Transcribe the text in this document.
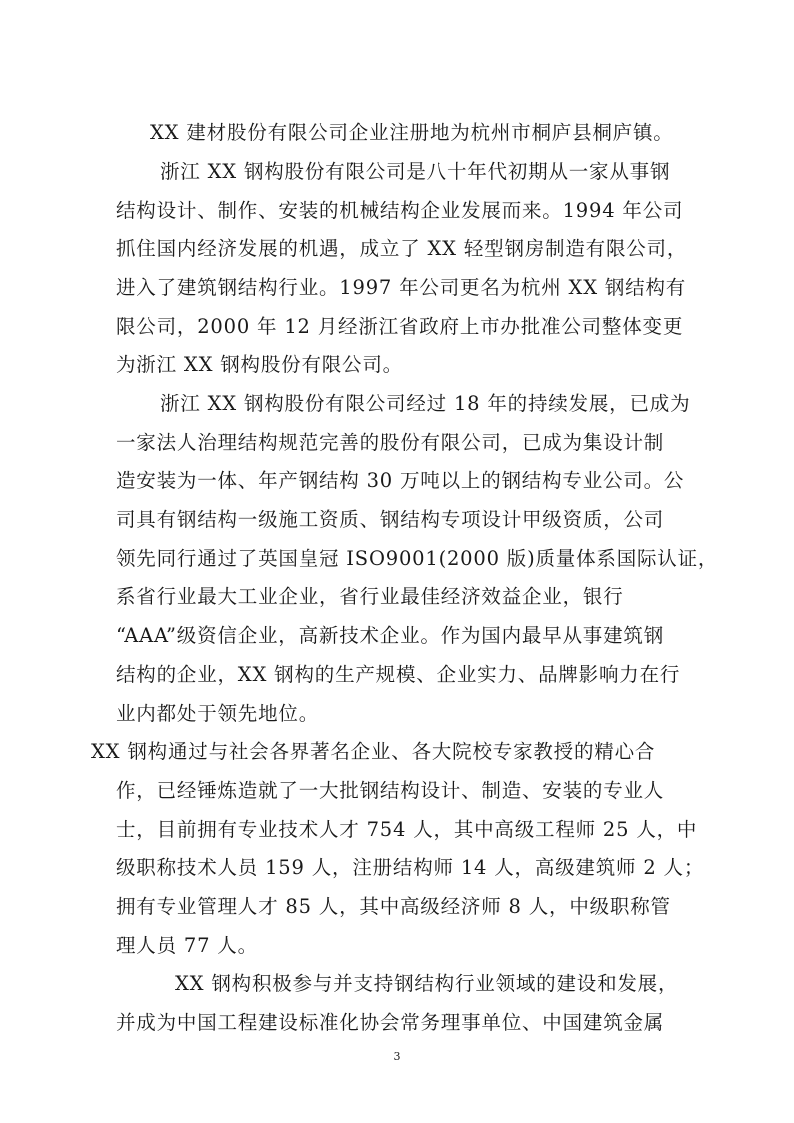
XX 建材股份有限公司企业注册地为杭州市桐庐县桐庐镇。
浙江 XX 钢构股份有限公司是八十年代初期从一家从事钢
结构设计、制作、安装的机械结构企业发展而来。1994 年公司
抓住国内经济发展的机遇，成立了 XX 轻型钢房制造有限公司，
进入了建筑钢结构行业。1997 年公司更名为杭州 XX 钢结构有
限公司，2000 年 12 月经浙江省政府上市办批准公司整体变更
为浙江 XX 钢构股份有限公司。
浙江 XX 钢构股份有限公司经过 18 年的持续发展，已成为
一家法人治理结构规范完善的股份有限公司，已成为集设计制
造安装为一体、年产钢结构 30 万吨以上的钢结构专业公司。公
司具有钢结构一级施工资质、钢结构专项设计甲级资质，公司
领先同行通过了英国皇冠 ISO9001(2000 版)质量体系国际认证，
系省行业最大工业企业，省行业最佳经济效益企业，银行
“AAA”级资信企业，高新技术企业。作为国内最早从事建筑钢
结构的企业，XX 钢构的生产规模、企业实力、品牌影响力在行
业内都处于领先地位。
XX 钢构通过与社会各界著名企业、各大院校专家教授的精心合
作，已经锤炼造就了一大批钢结构设计、制造、安装的专业人
士，目前拥有专业技术人才 754 人，其中高级工程师 25 人，中
级职称技术人员 159 人，注册结构师 14 人，高级建筑师 2 人；
拥有专业管理人才 85 人，其中高级经济师 8 人，中级职称管
理人员 77 人。
XX 钢构积极参与并支持钢结构行业领域的建设和发展，
并成为中国工程建设标准化协会常务理事单位、中国建筑金属
3
